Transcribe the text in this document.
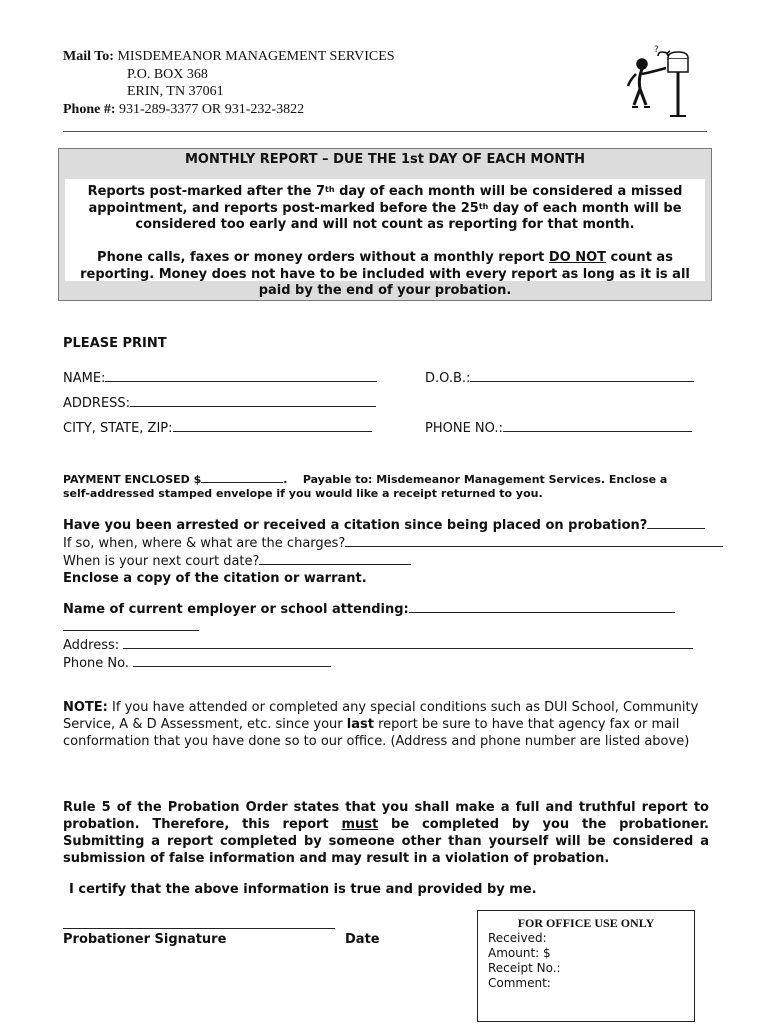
Mail To: MISDEMEANOR MANAGEMENT SERVICES
P.O. BOX 368
ERIN, TN 37061
Phone #: 931-289-3377 OR 931-232-3822
?

MONTHLY REPORT – DUE THE 1st DAY OF EACH MONTH

Reports post-marked after the 7th day of each month will be considered a missed appointment, and reports post-marked before the 25th day of each month will be considered too early and will not count as reporting for that month.

Phone calls, faxes or money orders without a monthly report DO NOT count as reporting. Money does not have to be included with every report as long as it is all paid by the end of your probation.

PLEASE PRINT
NAME:	D.O.B.:
ADDRESS:
CITY, STATE, ZIP:	PHONE NO.:
PAYMENT ENCLOSED $	. Payable to: Misdemeanor Management Services. Enclose a
self-addressed stamped envelope if you would like a receipt returned to you.
Have you been arrested or received a citation since being placed on probation?
If so, when, where & what are the charges?
When is your next court date?
Enclose a copy of the citation or warrant.
Name of current employer or school attending:
Address:
Phone No.
NOTE: If you have attended or completed any special conditions such as DUI School, Community Service, A & D Assessment, etc. since your last report be sure to have that agency fax or mail conformation that you have done so to our office. (Address and phone number are listed above)
Rule 5 of the Probation Order states that you shall make a full and truthful report to probation. Therefore, this report must be completed by you the probationer. Submitting a report completed by someone other than yourself will be considered a submission of false information and may result in a violation of probation.
I certify that the above information is true and provided by me.
Probationer Signature	Date
FOR OFFICE USE ONLY
Received:
Amount: $
Receipt No.:
Comment:
